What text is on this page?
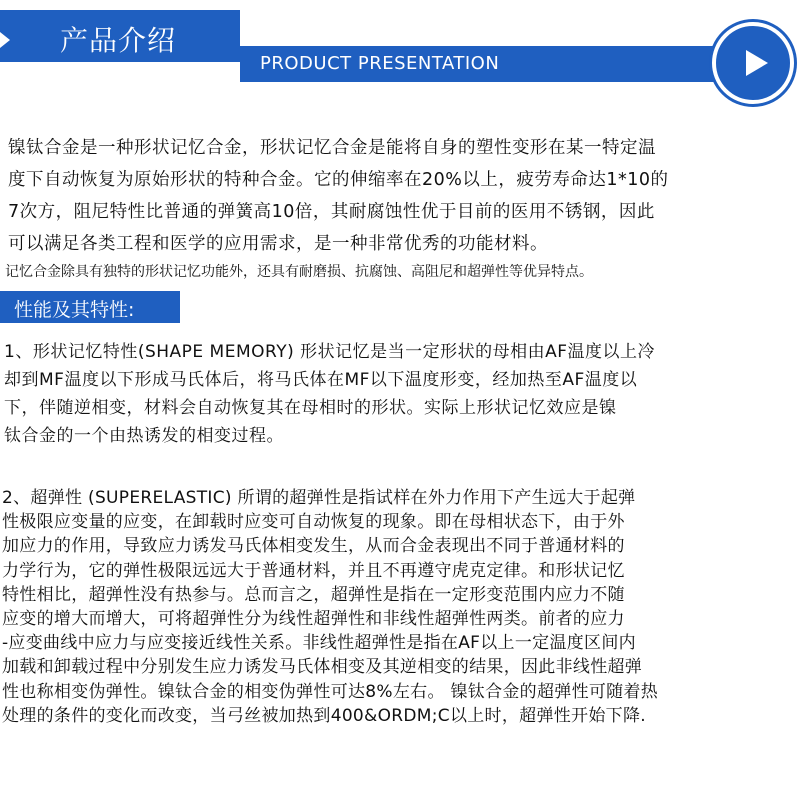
产品介绍
PRODUCT PRESENTATION
镍钛合金是一种形状记忆合金，形状记忆合金是能将自身的塑性变形在某一特定温
度下自动恢复为原始形状的特种合金。它的伸缩率在20%以上，疲劳寿命达1*10的
7次方，阻尼特性比普通的弹簧高10倍，其耐腐蚀性优于目前的医用不锈钢，因此
可以满足各类工程和医学的应用需求，是一种非常优秀的功能材料。
记忆合金除具有独特的形状记忆功能外，还具有耐磨损、抗腐蚀、高阻尼和超弹性等优异特点。
性能及其特性:
1、形状记忆特性(SHAPE MEMORY) 形状记忆是当一定形状的母相由AF温度以上冷
却到MF温度以下形成马氏体后，将马氏体在MF以下温度形变，经加热至AF温度以
下，伴随逆相变，材料会自动恢复其在母相时的形状。实际上形状记忆效应是镍
钛合金的一个由热诱发的相变过程。
2、超弹性 (SUPERELASTIC) 所谓的超弹性是指试样在外力作用下产生远大于起弹
性极限应变量的应变，在卸载时应变可自动恢复的现象。即在母相状态下，由于外
加应力的作用，导致应力诱发马氏体相变发生，从而合金表现出不同于普通材料的
力学行为，它的弹性极限远远大于普通材料，并且不再遵守虎克定律。和形状记忆
特性相比，超弹性没有热参与。总而言之，超弹性是指在一定形变范围内应力不随
应变的增大而增大，可将超弹性分为线性超弹性和非线性超弹性两类。前者的应力
-应变曲线中应力与应变接近线性关系。非线性超弹性是指在AF以上一定温度区间内
加载和卸载过程中分别发生应力诱发马氏体相变及其逆相变的结果，因此非线性超弹
性也称相变伪弹性。镍钛合金的相变伪弹性可达8%左右。 镍钛合金的超弹性可随着热
处理的条件的变化而改变，当弓丝被加热到400&ORDM;C以上时，超弹性开始下降.
